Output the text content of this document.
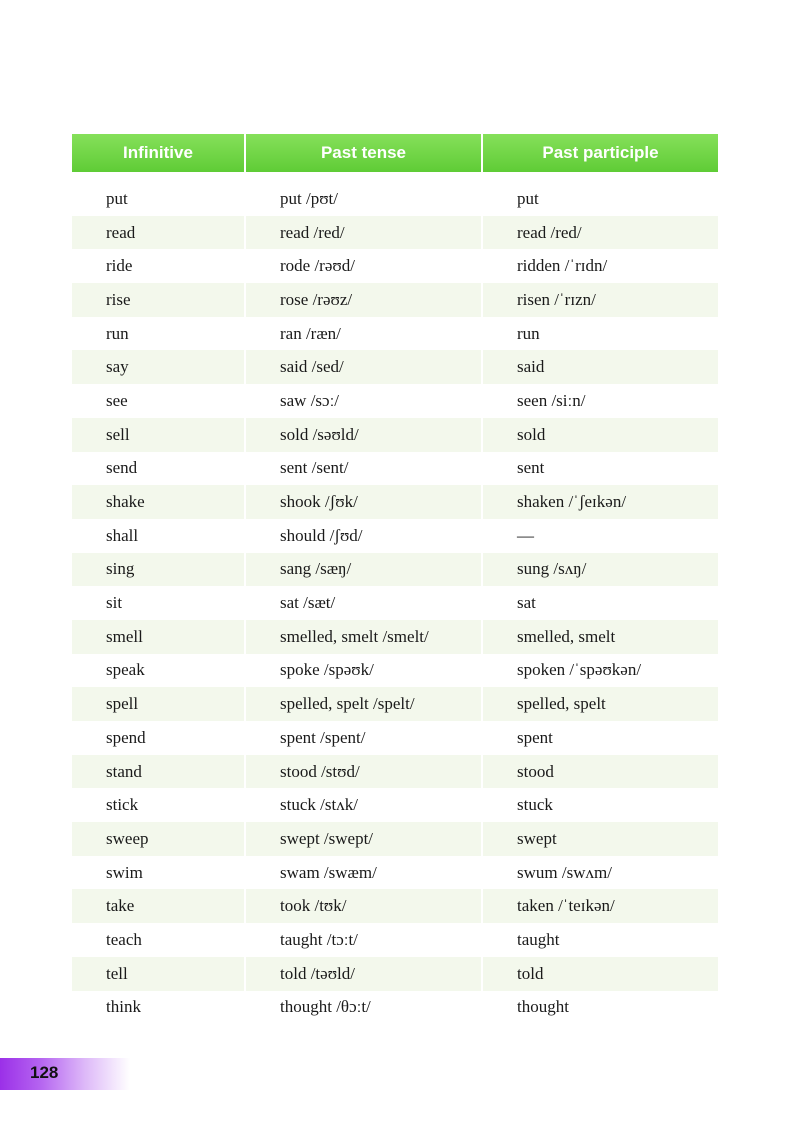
Infinitive	Past tense	Past participle

put	put /pʊt/	put
read	read /red/	read /red/
ride	rode /rəʊd/	ridden /ˈrɪdn/
rise	rose /rəʊz/	risen /ˈrɪzn/
run	ran /ræn/	run
say	said /sed/	said
see	saw /sɔː/	seen /siːn/
sell	sold /səʊld/	sold
send	sent /sent/	sent
shake	shook /ʃʊk/	shaken /ˈʃeɪkən/
shall	should /ʃʊd/	—
sing	sang /sæŋ/	sung /sʌŋ/
sit	sat /sæt/	sat
smell	smelled, smelt /smelt/	smelled, smelt
speak	spoke /spəʊk/	spoken /ˈspəʊkən/
spell	spelled, spelt /spelt/	spelled, spelt
spend	spent /spent/	spent
stand	stood /stʊd/	stood
stick	stuck /stʌk/	stuck
sweep	swept /swept/	swept
swim	swam /swæm/	swum /swʌm/
take	took /tʊk/	taken /ˈteɪkən/
teach	taught /tɔːt/	taught
tell	told /təʊld/	told
think	thought /θɔːt/	thought
128
